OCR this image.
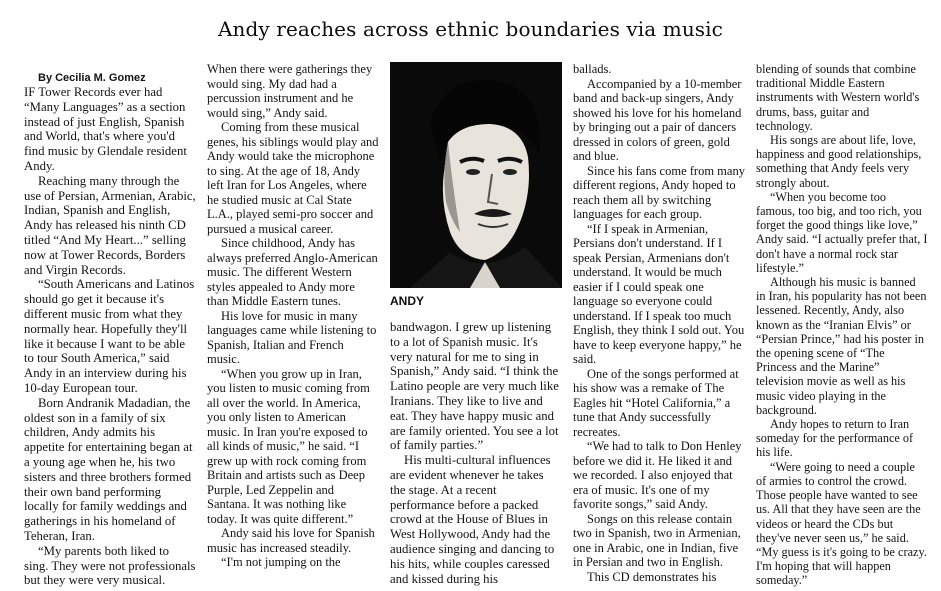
Andy reaches across ethnic boundaries via music

By Cecilia M. Gomez

IF Tower Records ever had “Many Languages” as a section instead of just English, Spanish and World, that's where you'd find music by Glendale resident Andy.

Reaching many through the use of Persian, Armenian, Arabic, Indian, Spanish and English, Andy has released his ninth CD titled “And My Heart...” selling now at Tower Records, Borders and Virgin Records.

“South Americans and Latinos should go get it because it's different music from what they normally hear. Hopefully they'll like it because I want to be able to tour South America,” said Andy in an interview during his 10-day European tour.

Born Andranik Madadian, the oldest son in a family of six children, Andy admits his appetite for entertaining began at a young age when he, his two sisters and three brothers formed their own band performing locally for family weddings and gatherings in his homeland of Teheran, Iran.

“My parents both liked to sing. They were not professionals but they were very musical.

When there were gatherings they would sing. My dad had a percussion instrument and he would sing,” Andy said.

Coming from these musical genes, his siblings would play and Andy would take the microphone to sing. At the age of 18, Andy left Iran for Los Angeles, where he studied music at Cal State L.A., played semi-pro soccer and pursued a musical career.

Since childhood, Andy has always preferred Anglo-American music. The different Western styles appealed to Andy more than Middle Eastern tunes.

His love for music in many languages came while listening to Spanish, Italian and French music.

“When you grow up in Iran, you listen to music coming from all over the world. In America, you only listen to American music. In Iran you're exposed to all kinds of music,” he said. “I grew up with rock coming from Britain and artists such as Deep Purple, Led Zeppelin and Santana. It was nothing like today. It was quite different.”

Andy said his love for Spanish music has increased steadily.

“I'm not jumping on the

ANDY

bandwagon. I grew up listening to a lot of Spanish music. It's very natural for me to sing in Spanish,” Andy said. “I think the Latino people are very much like Iranians. They like to live and eat. They have happy music and are family oriented. You see a lot of family parties.”

His multi-cultural influences are evident whenever he takes the stage. At a recent performance before a packed crowd at the House of Blues in West Hollywood, Andy had the audience singing and dancing to his hits, while couples caressed and kissed during his

ballads.

Accompanied by a 10-member band and back-up singers, Andy showed his love for his homeland by bringing out a pair of dancers dressed in colors of green, gold and blue.

Since his fans come from many different regions, Andy hoped to reach them all by switching languages for each group.

“If I speak in Armenian, Persians don't understand. If I speak Persian, Armenians don't understand. It would be much easier if I could speak one language so everyone could understand. If I speak too much English, they think I sold out. You have to keep everyone happy,” he said.

One of the songs performed at his show was a remake of The Eagles hit “Hotel California,” a tune that Andy successfully recreates.

“We had to talk to Don Henley before we did it. He liked it and we recorded. I also enjoyed that era of music. It's one of my favorite songs,” said Andy.

Songs on this release contain two in Spanish, two in Armenian, one in Arabic, one in Indian, five in Persian and two in English.

This CD demonstrates his

blending of sounds that combine traditional Middle Eastern instruments with Western world's drums, bass, guitar and technology.

His songs are about life, love, happiness and good relationships, something that Andy feels very strongly about.

“When you become too famous, too big, and too rich, you forget the good things like love,” Andy said. “I actually prefer that, I don't have a normal rock star lifestyle.”

Although his music is banned in Iran, his popularity has not been lessened. Recently, Andy, also known as the “Iranian Elvis” or “Persian Prince,” had his poster in the opening scene of “The Princess and the Marine” television movie as well as his music video playing in the background.

Andy hopes to return to Iran someday for the performance of his life.

“Were going to need a couple of armies to control the crowd. Those people have wanted to see us. All that they have seen are the videos or heard the CDs but they've never seen us,” he said. “My guess is it's going to be crazy. I'm hoping that will happen someday.”
